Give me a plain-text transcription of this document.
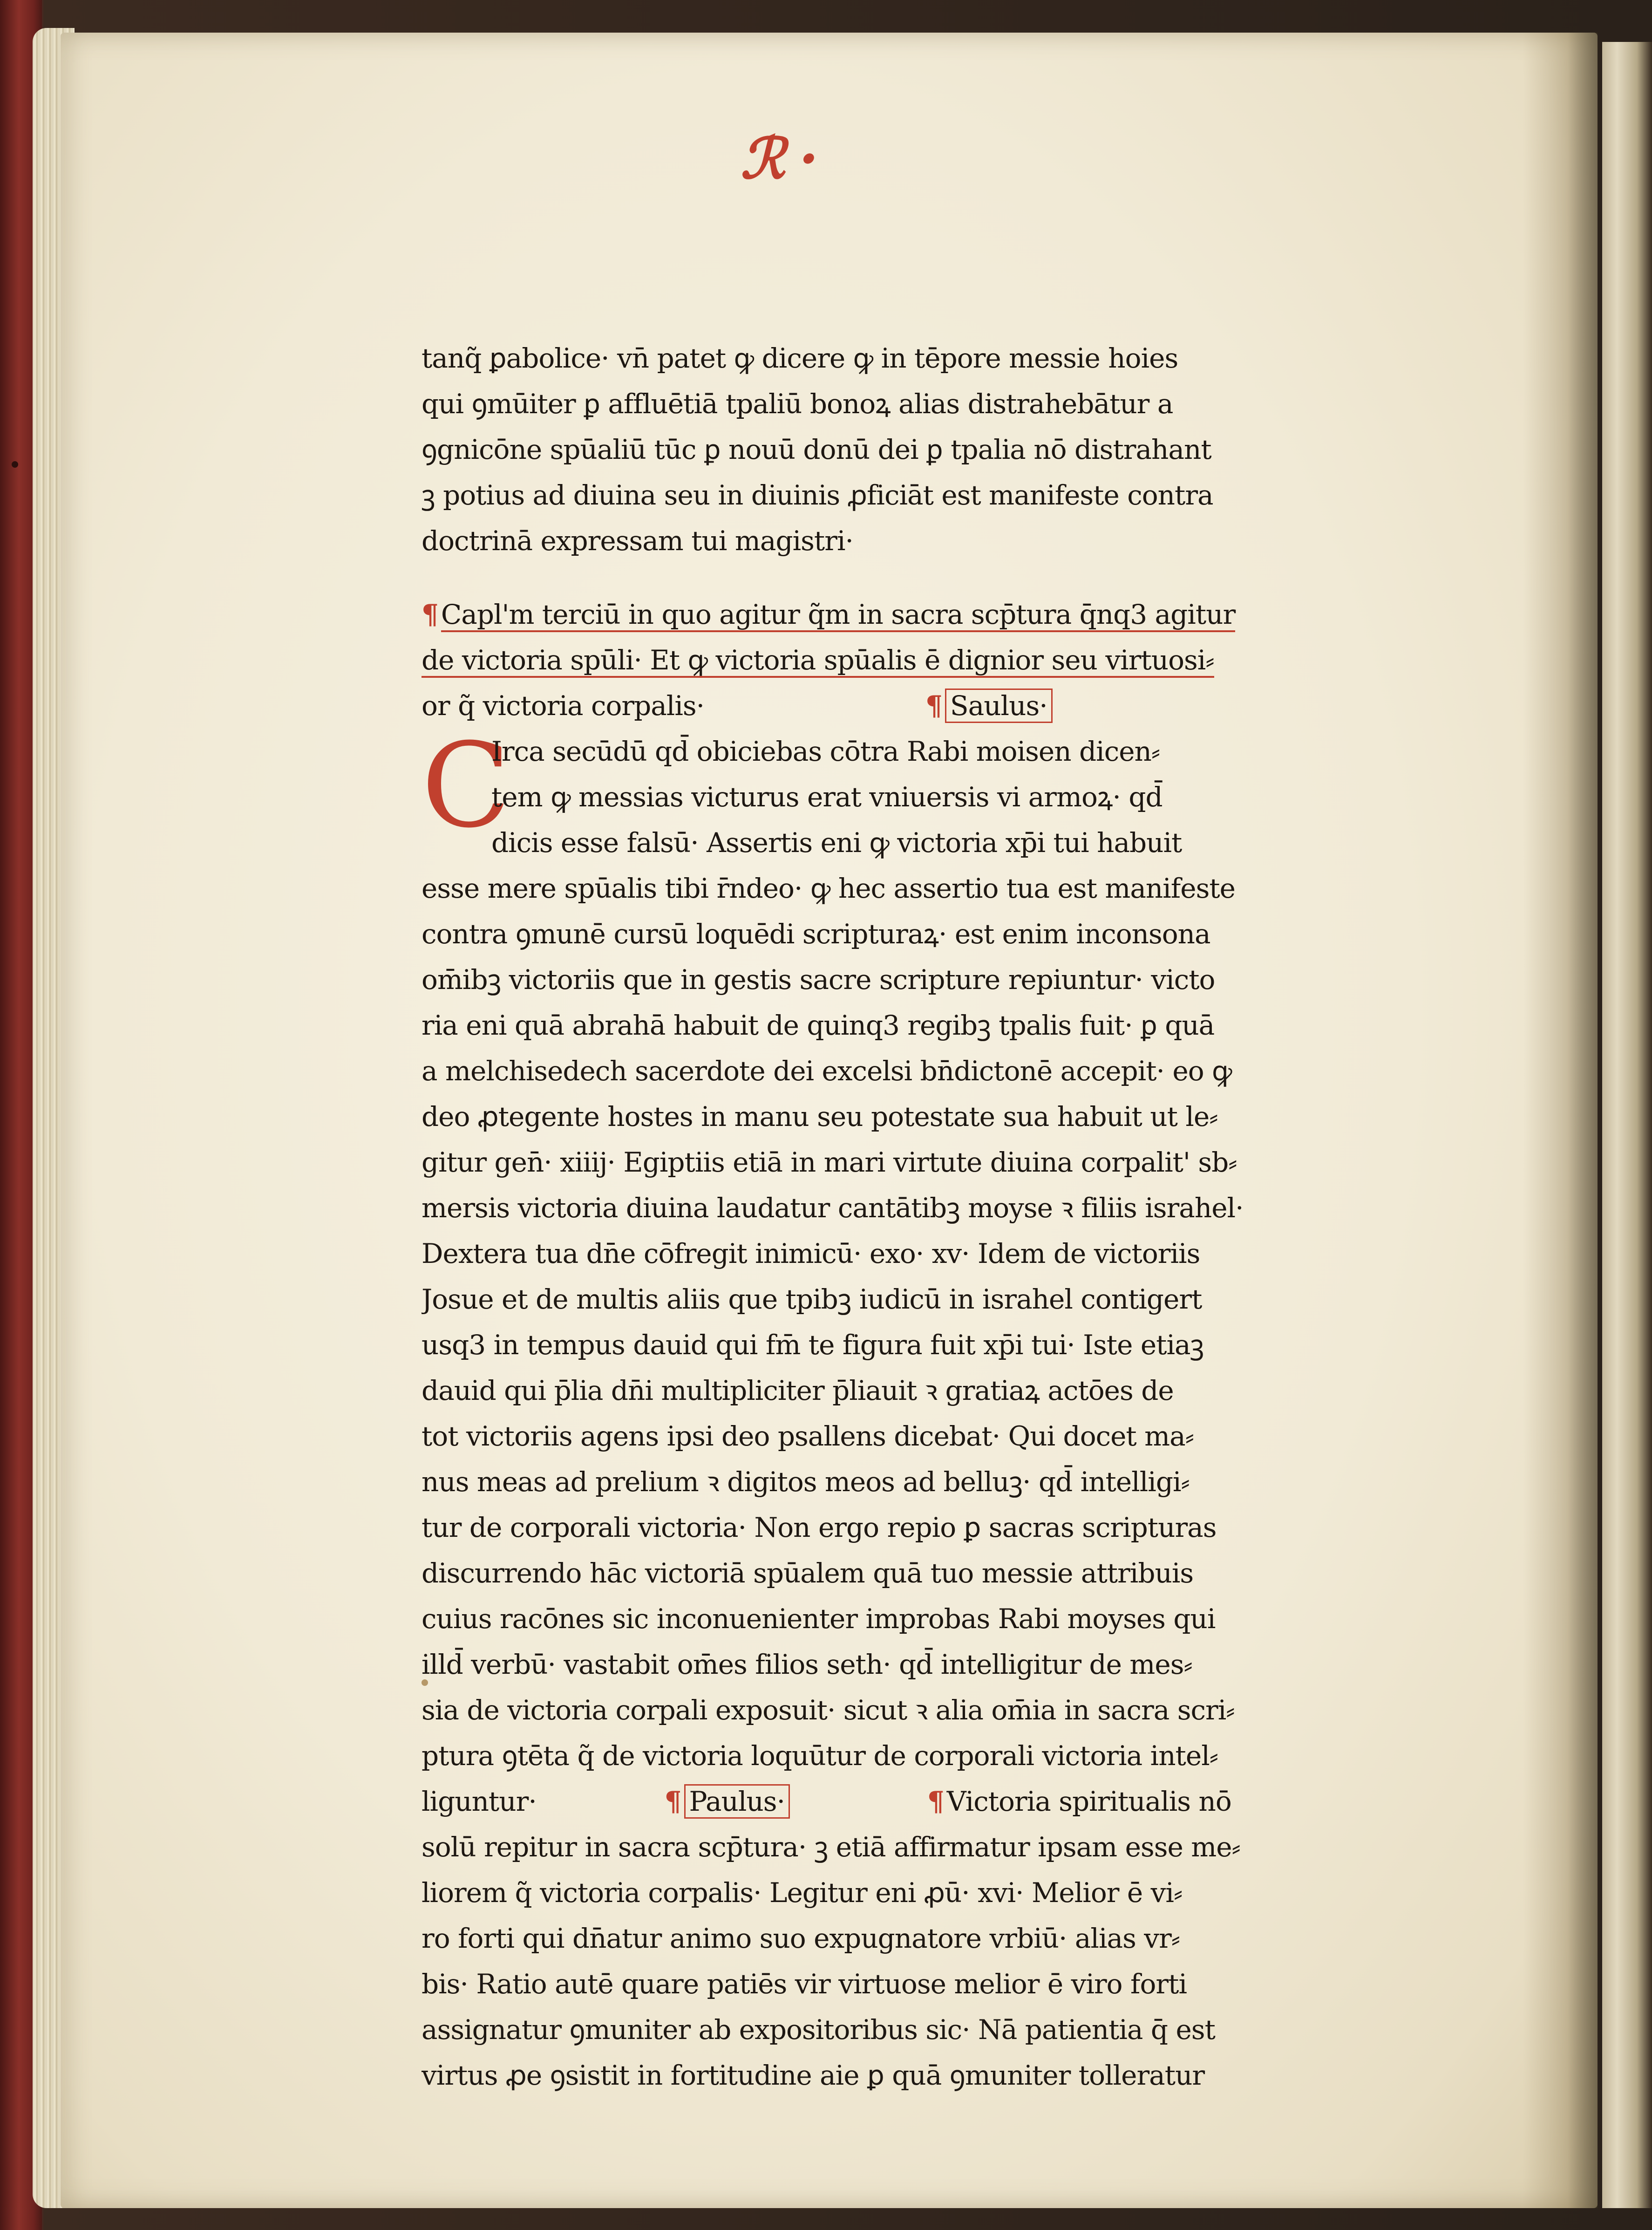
ℛ ·
tanq̃ ꝑabolice· vn̄ patet ꝙ dicere ꝙ in tēpore messie hoies
qui ꝯmūiter ꝑ affluētiā tpaliū bonoꝝ alias distrahebātur a
ꝯgnicōne spūaliū tūc ꝑ nouū donū dei ꝑ tpalia nō distrahant
ꝫ potius ad diuina seu in diuinis ꝓficiāt est manifeste contra
doctrinā expressam tui magistri·
¶ Capl'm terciū in quo agitur q̃m in sacra scp̄tura q̄nq3 agitur
de victoria spūli· Et ꝙ victoria spūalis ē dignior seu virtuosi⸗
or q̃ victoria corpalis·	¶ Saulus·
C
Irca secūdū qd̄ obiciebas cōtra Rabi moisen dicen⸗
tem ꝙ messias victurus erat vniuersis vi armoꝝ· qd̄
dicis esse falsū· Assertis eni ꝙ victoria xp̄i tui habuit
esse mere spūalis tibi r̄ndeo· ꝙ hec assertio tua est manifeste
contra ꝯmunē cursū loquēdi scripturaꝝ· est enim inconsona
om̄ibꝫ victoriis que in gestis sacre scripture repiuntur· victo
ria eni quā abrahā habuit de quinq3 regibꝫ tpalis fuit· ꝑ quā
a melchisedech sacerdote dei excelsi bn̄dictonē accepit· eo ꝙ
deo ꝓtegente hostes in manu seu potestate sua habuit ut le⸗
gitur gen̄· xiiij· Egiptiis etiā in mari virtute diuina corpalit' sb⸗
mersis victoria diuina laudatur cantātibꝫ moyse ꝛ filiis israhel·
Dextera tua dn̄e cōfregit inimicū· exo· xv· Idem de victoriis
Josue et de multis aliis que tpibꝫ iudicū in israhel contigert
usq3 in tempus dauid qui fm̄ te figura fuit xp̄i tui· Iste etiaꝫ
dauid qui p̄lia dn̄i multipliciter p̄liauit ꝛ gratiaꝝ actōes de
tot victoriis agens ipsi deo psallens dicebat· Qui docet ma⸗
nus meas ad prelium ꝛ digitos meos ad belluꝫ· qd̄ intelligi⸗
tur de corporali victoria· Non ergo repio ꝑ sacras scripturas
discurrendo hāc victoriā spūalem quā tuo messie attribuis
cuius racōnes sic inconuenienter improbas Rabi moyses qui
illd̄ verbū· vastabit om̄es filios seth· qd̄ intelligitur de mes⸗
sia de victoria corpali exposuit· sicut ꝛ alia om̄ia in sacra scri⸗
ptura ꝯtēta q̃ de victoria loquūtur de corporali victoria intel⸗
liguntur·	¶ Paulus·	¶ Victoria spiritualis nō
solū repitur in sacra scp̄tura· ꝫ etiā affirmatur ipsam esse me⸗
liorem q̃ victoria corpalis· Legitur eni ꝓū· xvi· Melior ē vi⸗
ro forti qui dn̄atur animo suo expugnatore vrbiū· alias vr⸗
bis· Ratio autē quare patiēs vir virtuose melior ē viro forti
assignatur ꝯmuniter ab expositoribus sic· Nā patientia q̄ est
virtus ꝓe ꝯsistit in fortitudine aie ꝑ quā ꝯmuniter tolleratur
